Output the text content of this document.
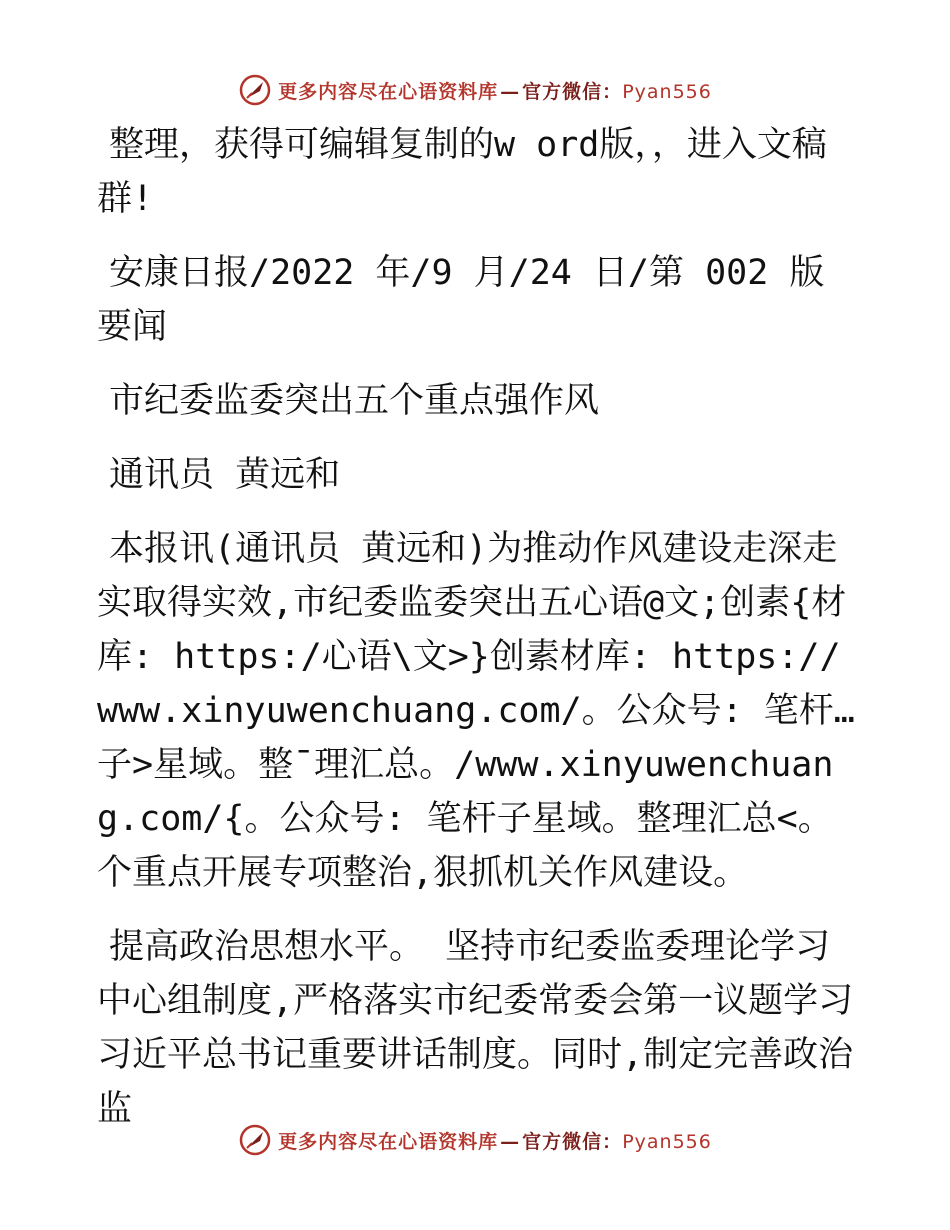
更多内容尽在心语资料库 — 官方微信：Pyan556

整理，获得可编辑复制的w ord版，，进入文稿群!

安康日报/2022 年/9 月/24 日/第 002 版要闻

市纪委监委突出五个重点强作风

通讯员 黄远和

本报讯(通讯员 黄远和)为推动作风建设走深走实取得实效,市纪委监委突出五心语@文;创素{材库: https:/心语\文>}创素材库: https://www.xinyuwenchuang.com/。公众号: 笔杆…子>星域。整¯理汇总。/www.xinyuwenchuang.com/{。公众号: 笔杆子星域。整理汇总<。个重点开展专项整治,狠抓机关作风建设。

提高政治思想水平。 坚持市纪委监委理论学习中心组制度,严格落实市纪委常委会第一议题学习习近平总书记重要讲话制度。同时,制定完善政治监

更多内容尽在心语资料库 — 官方微信：Pyan556
